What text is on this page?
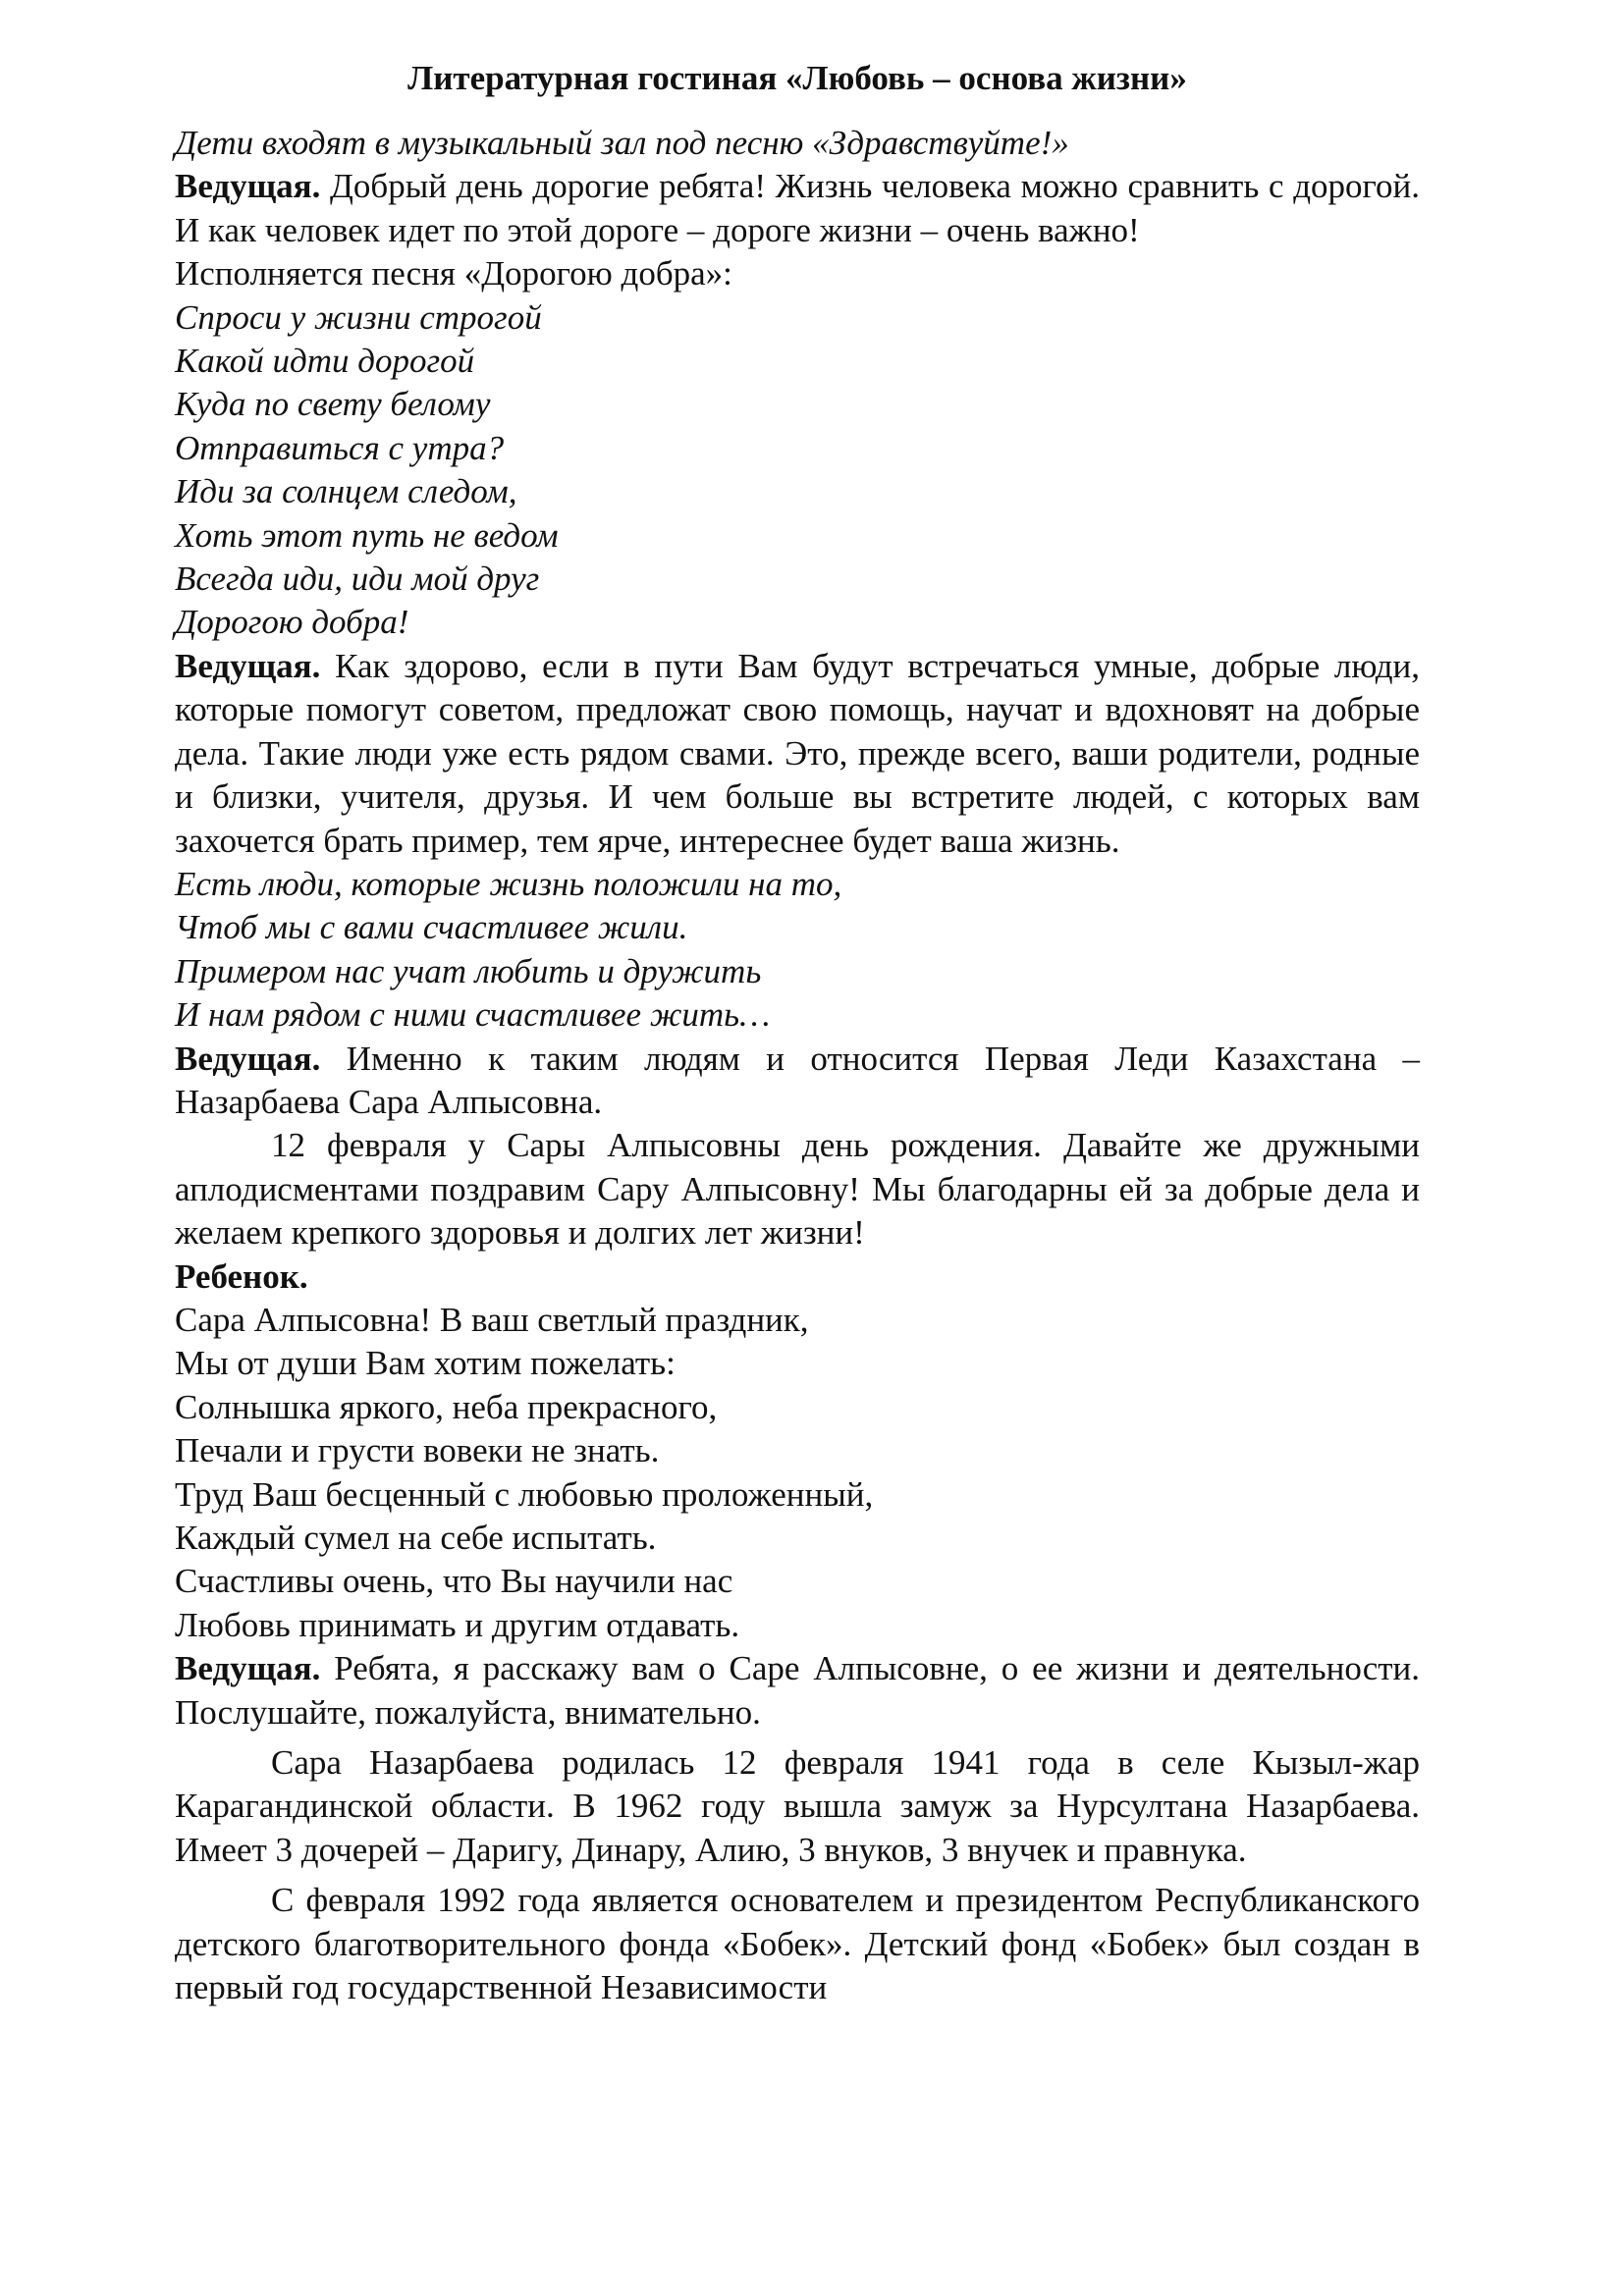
Литературная гостиная «Любовь – основа жизни»
Дети входят в музыкальный зал под песню «Здравствуйте!»

Ведущая. Добрый день дорогие ребята! Жизнь человека можно сравнить с дорогой. И как человек идет по этой дороге – дороге жизни – очень важно!

Исполняется песня «Дорогою добра»:
Спроси у жизни строгой
Какой идти дорогой
Куда по свету белому
Отправиться с утра?
Иди за солнцем следом,
Хоть этот путь не ведом
Всегда иди, иди мой друг
Дорогою добра!

Ведущая. Как здорово, если в пути Вам будут встречаться умные, добрые люди, которые помогут советом, предложат свою помощь, научат и вдохновят на добрые дела. Такие люди уже есть рядом свами. Это, прежде всего, ваши родители, родные и близки, учителя, друзья. И чем больше вы встретите людей, с которых вам захочется брать пример, тем ярче, интереснее будет ваша жизнь.

Есть люди, которые жизнь положили на то,
Чтоб мы с вами счастливее жили.
Примером нас учат любить и дружить
И нам рядом с ними счастливее жить…

Ведущая. Именно к таким людям и относится Первая Леди Казахстана – Назарбаева Сара Алпысовна.

12 февраля у Сары Алпысовны день рождения. Давайте же дружными аплодисментами поздравим Сару Алпысовну! Мы благодарны ей за добрые дела и желаем крепкого здоровья и долгих лет жизни!

Ребенок.
Сара Алпысовна! В ваш светлый праздник,
Мы от души Вам хотим пожелать:
Солнышка яркого, неба прекрасного,
Печали и грусти вовеки не знать.
Труд Ваш бесценный с любовью проложенный,
Каждый сумел на себе испытать.
Счастливы очень, что Вы научили нас
Любовь принимать и другим отдавать.

Ведущая. Ребята, я расскажу вам о Саре Алпысовне, о ее жизни и деятельности. Послушайте, пожалуйста, внимательно.

Сара Назарбаева родилась 12 февраля 1941 года в селе Кызыл-жар Карагандинской области. В 1962 году вышла замуж за Нурсултана Назарбаева. Имеет 3 дочерей – Даригу, Динару, Алию, 3 внуков, 3 внучек и правнука.

С февраля 1992 года является основателем и президентом Республиканского детского благотворительного фонда «Бобек». Детский фонд «Бобек» был создан в первый год государственной Независимости
